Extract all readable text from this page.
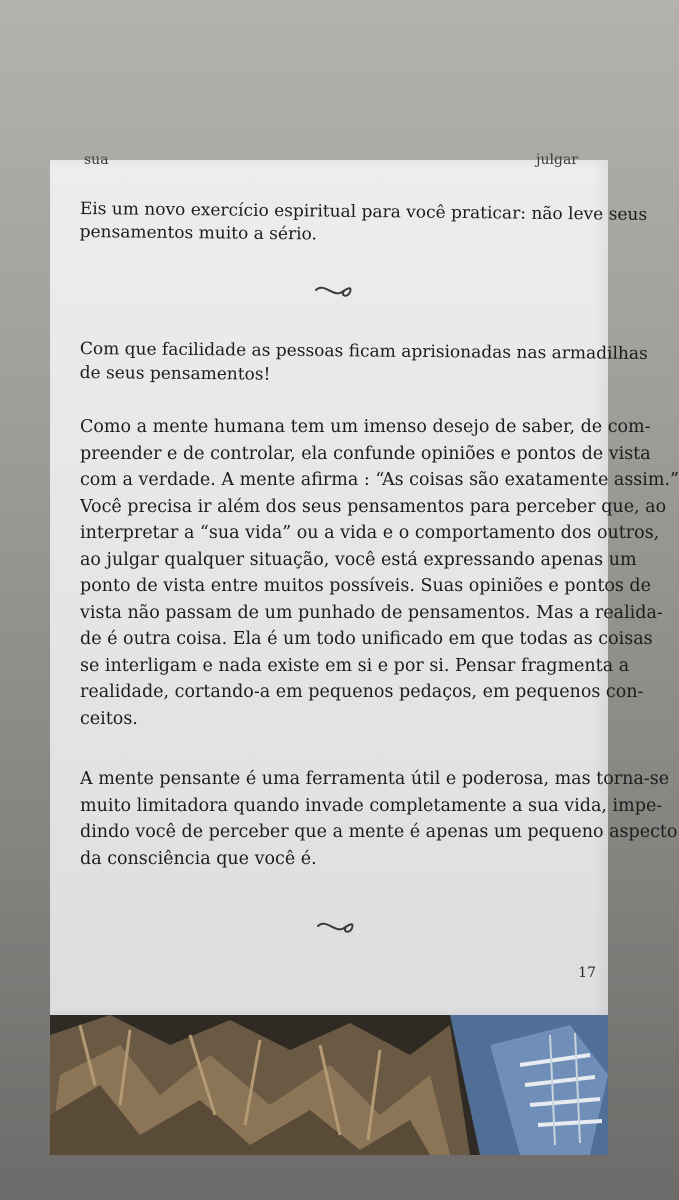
sua	julgar

Eis um novo exercício espiritual para você praticar: não leve seus
pensamentos muito a sério.

Com que facilidade as pessoas ficam aprisionadas nas armadilhas
de seus pensamentos!

Como a mente humana tem um imenso desejo de saber, de com-
preender e de controlar, ela confunde opiniões e pontos de vista
com a verdade. A mente afirma : “As coisas são exatamente assim.”
Você precisa ir além dos seus pensamentos para perceber que, ao
interpretar a “sua vida” ou a vida e o comportamento dos outros,
ao julgar qualquer situação, você está expressando apenas um
ponto de vista entre muitos possíveis. Suas opiniões e pontos de
vista não passam de um punhado de pensamentos. Mas a realida-
de é outra coisa. Ela é um todo unificado em que todas as coisas
se interligam e nada existe em si e por si. Pensar fragmenta a
realidade, cortando-a em pequenos pedaços, em pequenos con-
ceitos.

A mente pensante é uma ferramenta útil e poderosa, mas torna-se
muito limitadora quando invade completamente a sua vida, impe-
dindo você de perceber que a mente é apenas um pequeno aspecto
da consciência que você é.

17
